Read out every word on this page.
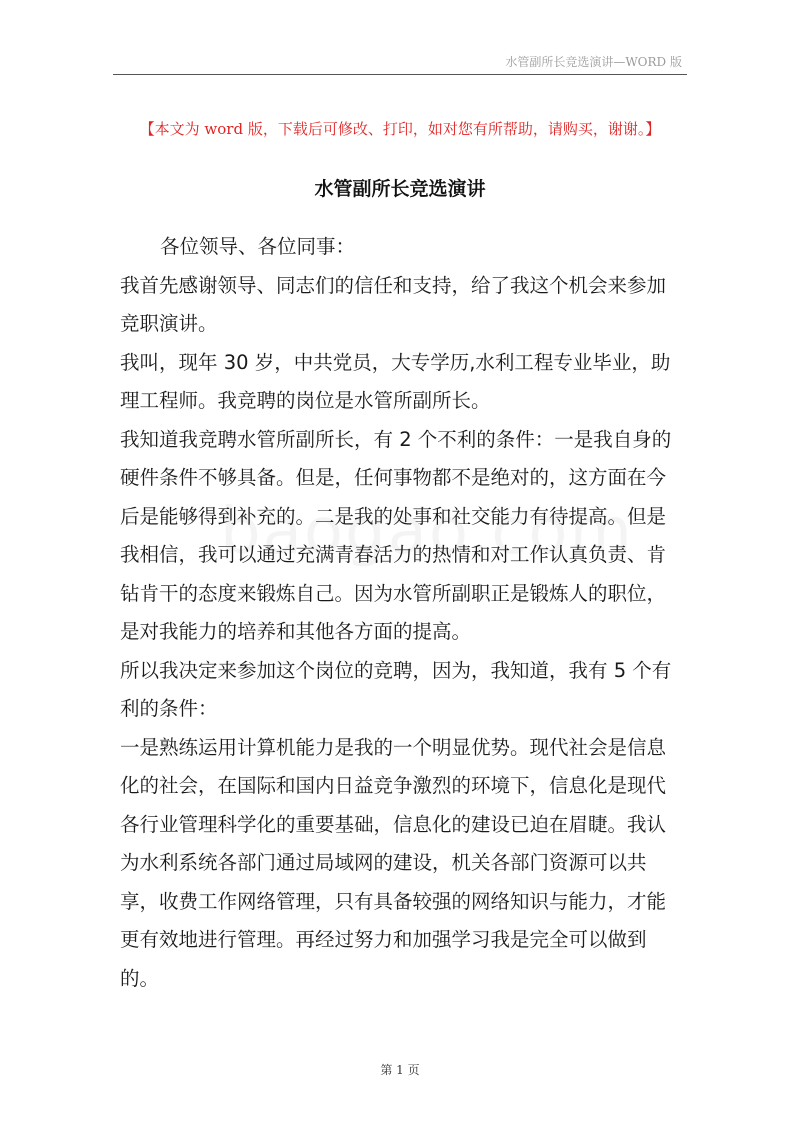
水管副所长竞选演讲—WORD 版
【本文为 word 版，下载后可修改、打印，如对您有所帮助，请购买，谢谢。】
水管副所长竞选演讲

各位领导、各位同事：

我首先感谢领导、同志们的信任和支持，给了我这个机会来参加竞职演讲。

我叫，现年 30 岁，中共党员，大专学历,水利工程专业毕业，助理工程师。我竞聘的岗位是水管所副所长。

我知道我竞聘水管所副所长，有 2 个不利的条件：一是我自身的硬件条件不够具备。但是，任何事物都不是绝对的，这方面在今后是能够得到补充的。二是我的处事和社交能力有待提高。但是我相信，我可以通过充满青春活力的热情和对工作认真负责、肯钻肯干的态度来锻炼自己。因为水管所副职正是锻炼人的职位，是对我能力的培养和其他各方面的提高。

所以我决定来参加这个岗位的竞聘，因为，我知道，我有 5 个有利的条件：

一是熟练运用计算机能力是我的一个明显优势。现代社会是信息化的社会，在国际和国内日益竞争激烈的环境下，信息化是现代各行业管理科学化的重要基础，信息化的建设已迫在眉睫。我认为水利系统各部门通过局域网的建设，机关各部门资源可以共享，收费工作网络管理，只有具备较强的网络知识与能力，才能更有效地进行管理。再经过努力和加强学习我是完全可以做到的。

第 1 页
